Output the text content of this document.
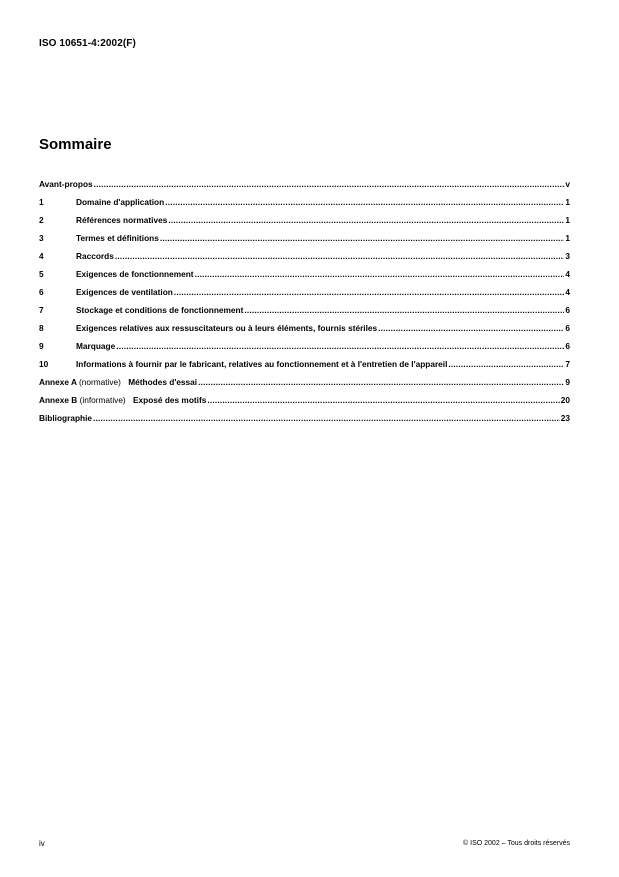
ISO 10651-4:2002(F)
Sommaire
Avant-propos .....	v
1	Domaine d'application .....	1
2	Références normatives .....	1
3	Termes et définitions .....	1
4	Raccords .....	3
5	Exigences de fonctionnement .....	4
6	Exigences de ventilation .....	4
7	Stockage et conditions de fonctionnement .....	6
8	Exigences relatives aux ressuscitateurs ou à leurs éléments, fournis stériles .....	6
9	Marquage .....	6
10	Informations à fournir par le fabricant, relatives au fonctionnement et à l'entretien de l'appareil .....	7
Annexe A (normative) Méthodes d'essai .....	9
Annexe B (informative) Exposé des motifs .....	20
Bibliographie .....	23
iv	© ISO 2002 – Tous droits réservés
